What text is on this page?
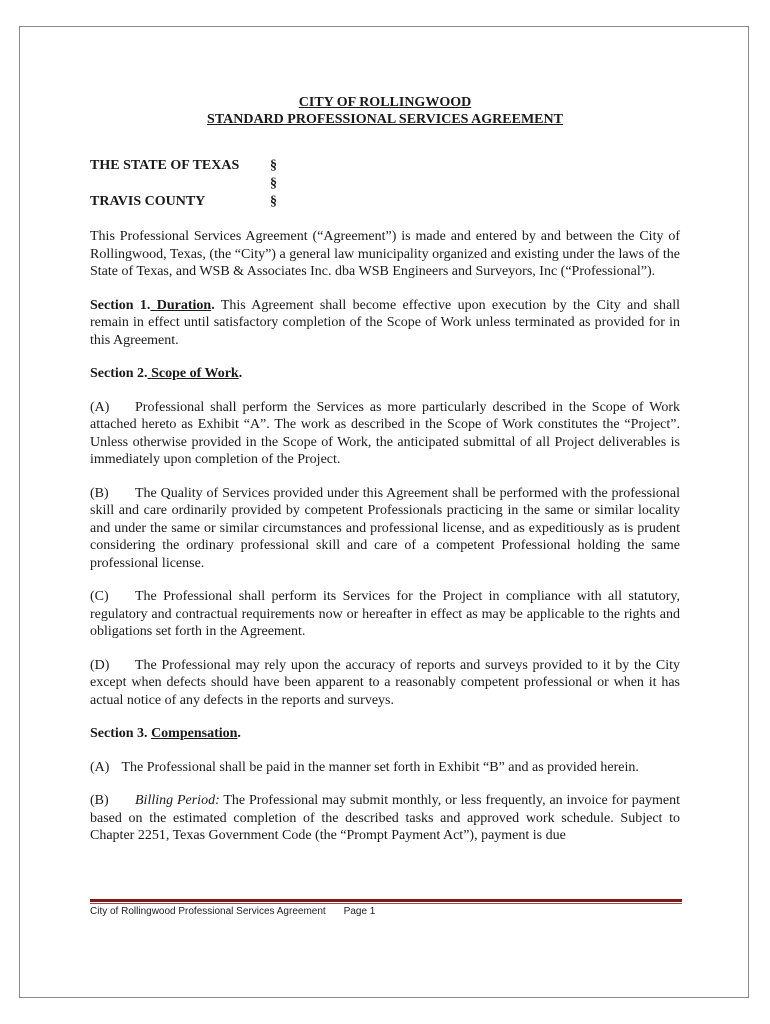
CITY OF ROLLINGWOOD
STANDARD PROFESSIONAL SERVICES AGREEMENT
THE STATE OF TEXAS §
§
TRAVIS COUNTY	§

This Professional Services Agreement (“Agreement”) is made and entered by and between the City of Rollingwood, Texas, (the “City”) a general law municipality organized and existing under the laws of the State of Texas, and WSB & Associates Inc. dba WSB Engineers and Surveyors, Inc (“Professional”).

Section 1. Duration. This Agreement shall become effective upon execution by the City and shall remain in effect until satisfactory completion of the Scope of Work unless terminated as provided for in this Agreement.

Section 2. Scope of Work.

(A) Professional shall perform the Services as more particularly described in the Scope of Work attached hereto as Exhibit “A”. The work as described in the Scope of Work constitutes the “Project”. Unless otherwise provided in the Scope of Work, the anticipated submittal of all Project deliverables is immediately upon completion of the Project.

(B) The Quality of Services provided under this Agreement shall be performed with the professional skill and care ordinarily provided by competent Professionals practicing in the same or similar locality and under the same or similar circumstances and professional license, and as expeditiously as is prudent considering the ordinary professional skill and care of a competent Professional holding the same professional license.

(C) The Professional shall perform its Services for the Project in compliance with all statutory, regulatory and contractual requirements now or hereafter in effect as may be applicable to the rights and obligations set forth in the Agreement.

(D) The Professional may rely upon the accuracy of reports and surveys provided to it by the City except when defects should have been apparent to a reasonably competent professional or when it has actual notice of any defects in the reports and surveys.

Section 3. Compensation.

(A) The Professional shall be paid in the manner set forth in Exhibit “B” and as provided herein.

(B) Billing Period: The Professional may submit monthly, or less frequently, an invoice for payment based on the estimated completion of the described tasks and approved work schedule. Subject to Chapter 2251, Texas Government Code (the “Prompt Payment Act”), payment is due

City of Rollingwood Professional Services Agreement Page 1
